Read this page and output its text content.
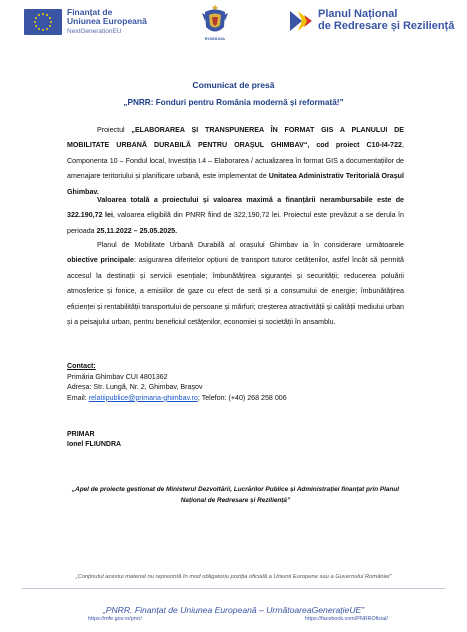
Finanțat de
Uniunea Europeană
NextGenerationEU
ROMÂNIA
Planul Național
de Redresare și Reziliență
Comunicat de presă
„PNRR: Fonduri pentru România modernă și reformată!”
Proiectul „ELABORAREA ȘI TRANSPUNEREA ÎN FORMAT GIS A PLANULUI DE MOBILITATE URBANĂ DURABILĂ PENTRU ORAȘUL GHIMBAV“, cod proiect C10-I4-722, Componenta 10 – Fondul local, Investiția I.4 – Elaborarea / actualizarea în format GIS a documentațiilor de amenajare teritoriului și planificare urbană, este implementat de Unitatea Administrativ Teritorială Orașul Ghimbav.
Valoarea totală a proiectului și valoarea maximă a finanțării nerambursabile este de 322.190,72 lei, valoarea eligibilă din PNRR fiind de 322,190,72 lei. Proiectul este prevăzut a se derula în perioada 25.11.2022 – 25.05.2025.
Planul de Mobilitate Urbană Durabilă al orașului Ghimbav ia în considerare următoarele obiective principale: asigurarea diferitelor opțiuni de transport tuturor cetățenilor, astfel încât să permită accesul la destinații și servicii esențiale; îmbunătățirea siguranței și securității; reducerea poluării atmosferice și fonice, a emisiilor de gaze cu efect de seră și a consumului de energie; îmbunătățirea eficienței și rentabilității transportului de persoane și mărfuri; creșterea atractivității și calității mediului urban și a peisajului urban, pentru beneficiul cetățenilor, economiei și societății în ansamblu.
Contact:
Primăria Ghimbav CUI 4801362
Adresa: Str. Lungă, Nr. 2, Ghimbav, Brașov
Email: relatiipublice@primaria-ghimbav.ro; Telefon: (+40) 268 258 006
PRIMAR
Ionel FLIUNDRA
„Apel de proiecte gestionat de Ministerul Dezvoltării, Lucrărilor Publice și Administrației finanțat prin Planul Național de Redresare și Reziliență”
„Conținutul acestui material nu reprezintă în mod obligatoriu poziția oficială a Uniunii Europene sau a Guvernului României”
„PNRR. Finanțat de Uniunea Europeană – UrmătoareaGenerațieUE”
https://mfe.gov.ro/pnrr/	https://facebook.com/PNRROficial/
